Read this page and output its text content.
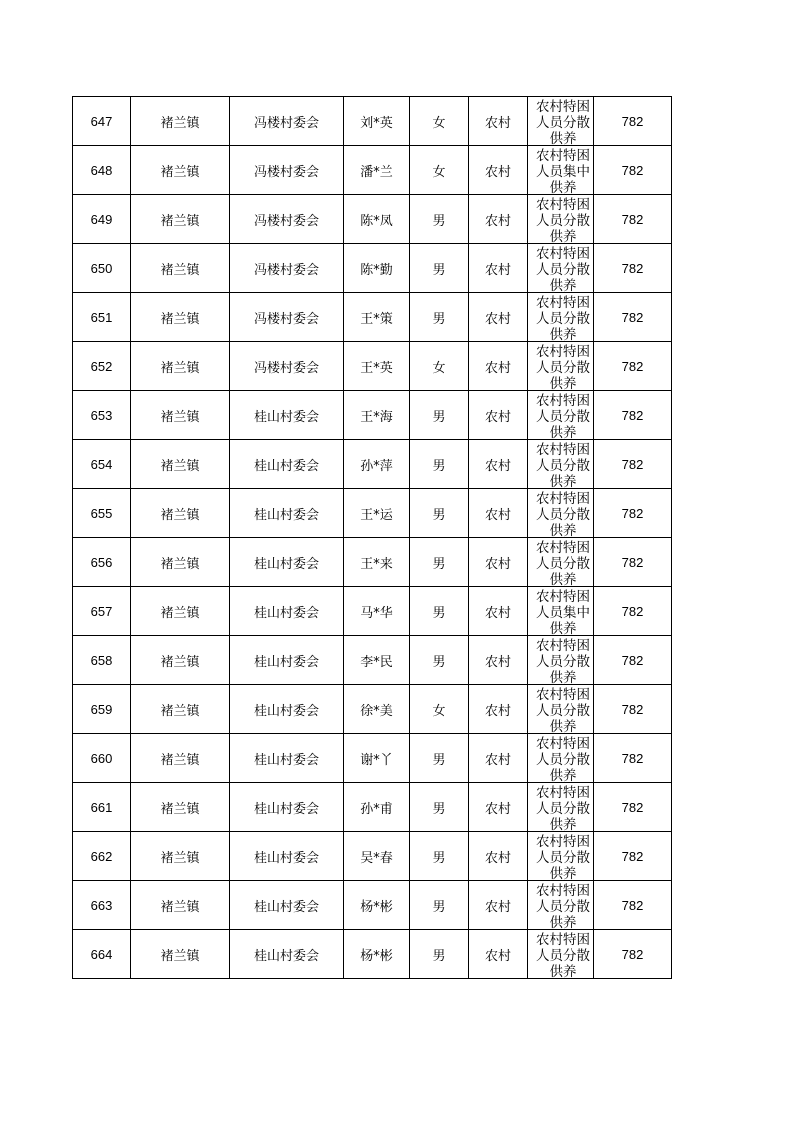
647	褚兰镇	冯楼村委会	刘*英	女	农村	农村特困人员分散供养	782
648	褚兰镇	冯楼村委会	潘*兰	女	农村	农村特困人员集中供养	782
649	褚兰镇	冯楼村委会	陈*凤	男	农村	农村特困人员分散供养	782
650	褚兰镇	冯楼村委会	陈*勤	男	农村	农村特困人员分散供养	782
651	褚兰镇	冯楼村委会	王*策	男	农村	农村特困人员分散供养	782
652	褚兰镇	冯楼村委会	王*英	女	农村	农村特困人员分散供养	782
653	褚兰镇	桂山村委会	王*海	男	农村	农村特困人员分散供养	782
654	褚兰镇	桂山村委会	孙*萍	男	农村	农村特困人员分散供养	782
655	褚兰镇	桂山村委会	王*运	男	农村	农村特困人员分散供养	782
656	褚兰镇	桂山村委会	王*来	男	农村	农村特困人员分散供养	782
657	褚兰镇	桂山村委会	马*华	男	农村	农村特困人员集中供养	782
658	褚兰镇	桂山村委会	李*民	男	农村	农村特困人员分散供养	782
659	褚兰镇	桂山村委会	徐*美	女	农村	农村特困人员分散供养	782
660	褚兰镇	桂山村委会	谢*丫	男	农村	农村特困人员分散供养	782
661	褚兰镇	桂山村委会	孙*甫	男	农村	农村特困人员分散供养	782
662	褚兰镇	桂山村委会	吴*春	男	农村	农村特困人员分散供养	782
663	褚兰镇	桂山村委会	杨*彬	男	农村	农村特困人员分散供养	782
664	褚兰镇	桂山村委会	杨*彬	男	农村	农村特困人员分散供养	782
